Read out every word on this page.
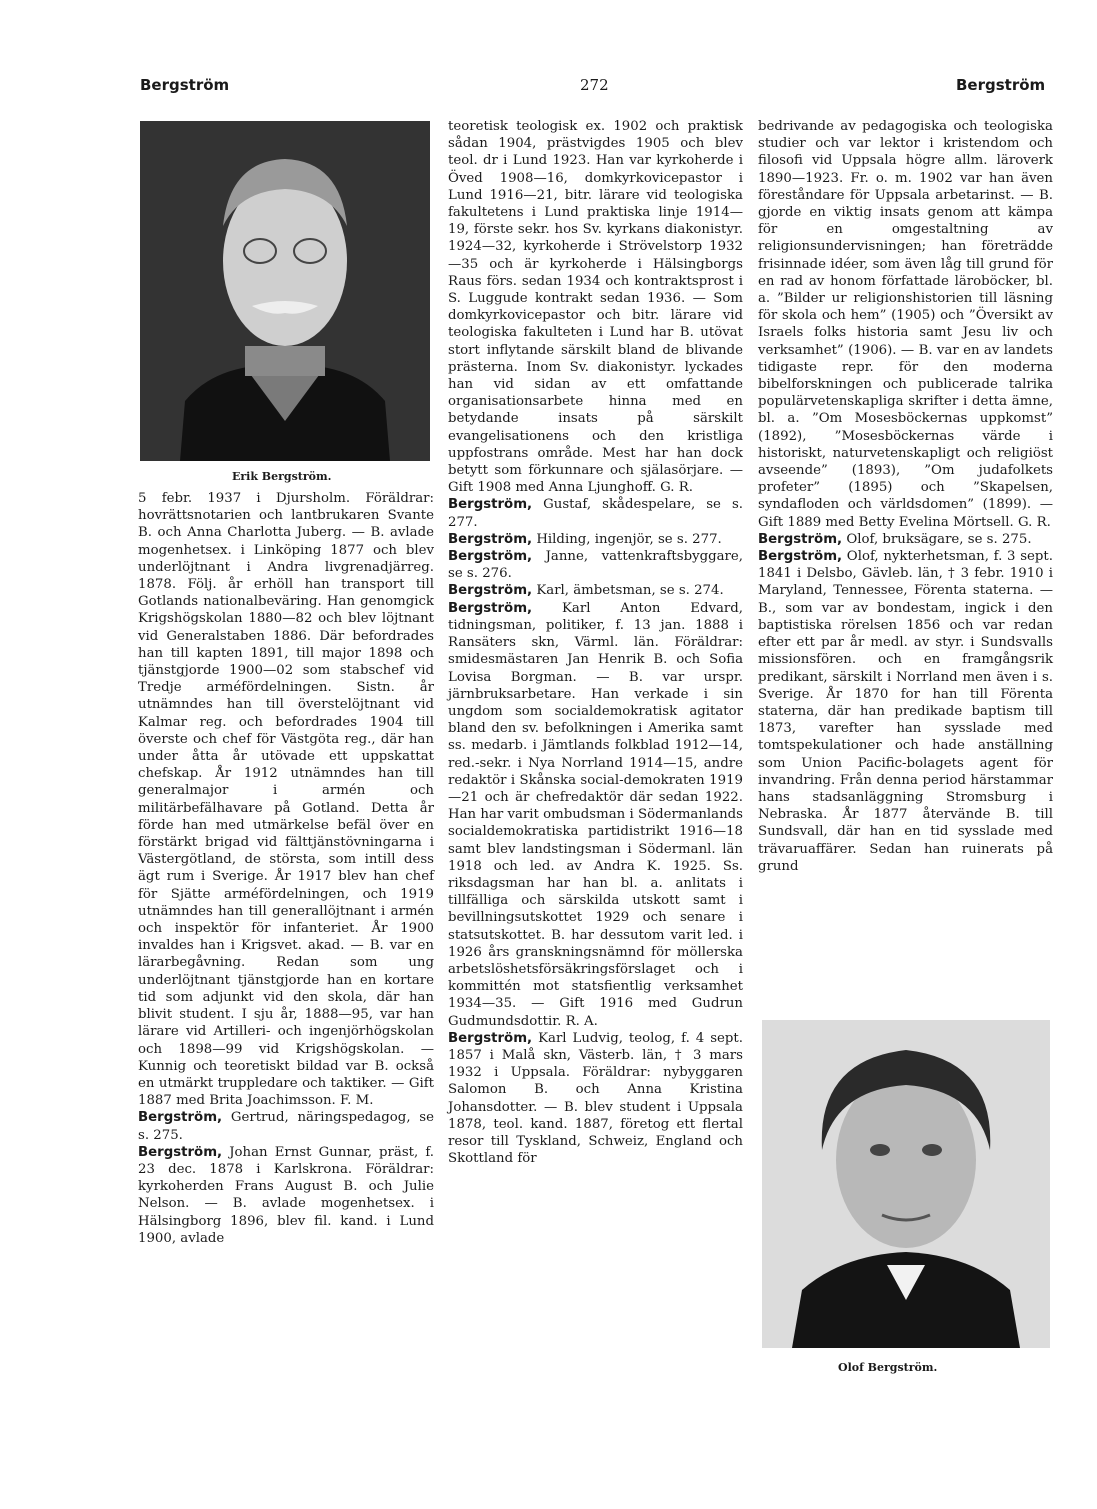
Bergström	272	Bergström
Erik Bergström.
Olof Bergström.

5 febr. 1937 i Djursholm. Föräldrar: hovrättsnotarien och lantbrukaren Svante B. och Anna Charlotta Juberg. — B. avlade mogenhetsex. i Linköping 1877 och blev underlöjtnant i Andra livgrenadjärreg. 1878. Följ. år erhöll han transport till Gotlands nationalbeväring. Han genomgick Krigshögskolan 1880—82 och blev löjtnant vid Generalstaben 1886. Där befordrades han till kapten 1891, till major 1898 och tjänstgjorde 1900—02 som stabschef vid Tredje arméfördelningen. Sistn. år utnämndes han till överstelöjtnant vid Kalmar reg. och befordrades 1904 till överste och chef för Västgöta reg., där han under åtta år utövade ett uppskattat chefskap. År 1912 utnämndes han till generalmajor i armén och militärbefälhavare på Gotland. Detta år förde han med utmärkelse befäl över en förstärkt brigad vid fälttjänstövningarna i Västergötland, de största, som intill dess ägt rum i Sverige. År 1917 blev han chef för Sjätte arméfördelningen, och 1919 utnämndes han till generallöjtnant i armén och inspektör för infanteriet. År 1900 invaldes han i Krigsvet. akad. — B. var en lärarbegåvning. Redan som ung underlöjtnant tjänstgjorde han en kortare tid som adjunkt vid den skola, där han blivit student. I sju år, 1888—95, var han lärare vid Artilleri- och ingenjörhögskolan och 1898—99 vid Krigshögskolan. — Kunnig och teoretiskt bildad var B. också en utmärkt truppledare och taktiker. — Gift 1887 med Brita Joachimsson. F. M.

Bergström, Gertrud, näringspedagog, se s. 275.

Bergström, Johan Ernst Gunnar, präst, f. 23 dec. 1878 i Karlskrona. Föräldrar: kyrkoherden Frans August B. och Julie Nelson. — B. avlade mogenhetsex. i Hälsingborg 1896, blev fil. kand. i Lund 1900, avlade

teoretisk teologisk ex. 1902 och praktisk sådan 1904, prästvigdes 1905 och blev teol. dr i Lund 1923. Han var kyrkoherde i Öved 1908—16, domkyrkovicepastor i Lund 1916—21, bitr. lärare vid teologiska fakultetens i Lund praktiska linje 1914—19, förste sekr. hos Sv. kyrkans diakonistyr. 1924—32, kyrkoherde i Strövelstorp 1932—35 och är kyrkoherde i Hälsingborgs Raus förs. sedan 1934 och kontraktsprost i S. Luggude kontrakt sedan 1936. — Som domkyrkovicepastor och bitr. lärare vid teologiska fakulteten i Lund har B. utövat stort inflytande särskilt bland de blivande prästerna. Inom Sv. diakonistyr. lyckades han vid sidan av ett omfattande organisationsarbete hinna med en betydande insats på särskilt evangelisationens och den kristliga uppfostrans område. Mest har han dock betytt som förkunnare och själasörjare. — Gift 1908 med Anna Ljunghoff. G. R.

Bergström, Gustaf, skådespelare, se s. 277.

Bergström, Hilding, ingenjör, se s. 277.

Bergström, Janne, vattenkraftsbyggare, se s. 276.

Bergström, Karl, ämbetsman, se s. 274.

Bergström, Karl Anton Edvard, tidningsman, politiker, f. 13 jan. 1888 i Ransäters skn, Värml. län. Föräldrar: smidesmästaren Jan Henrik B. och Sofia Lovisa Borgman. — B. var urspr. järnbruksarbetare. Han verkade i sin ungdom som socialdemokratisk agitator bland den sv. befolkningen i Amerika samt ss. medarb. i Jämtlands folkblad 1912—14, red.-sekr. i Nya Norrland 1914—15, andre redaktör i Skånska social-demokraten 1919—21 och är chefredaktör där sedan 1922. Han har varit ombudsman i Södermanlands socialdemokratiska partidistrikt 1916—18 samt blev landstingsman i Södermanl. län 1918 och led. av Andra K. 1925. Ss. riksdagsman har han bl. a. anlitats i tillfälliga och särskilda utskott samt i bevillningsutskottet 1929 och senare i statsutskottet. B. har dessutom varit led. i 1926 års granskningsnämnd för möllerska arbetslöshetsförsäkringsförslaget och i kommittén mot statsfientlig verksamhet 1934—35. — Gift 1916 med Gudrun Gudmundsdottir. R. A.

Bergström, Karl Ludvig, teolog, f. 4 sept. 1857 i Malå skn, Västerb. län, † 3 mars 1932 i Uppsala. Föräldrar: nybyggaren Salomon B. och Anna Kristina Johansdotter. — B. blev student i Uppsala 1878, teol. kand. 1887, företog ett flertal resor till Tyskland, Schweiz, England och Skottland för

bedrivande av pedagogiska och teologiska studier och var lektor i kristendom och filosofi vid Uppsala högre allm. läroverk 1890—1923. Fr. o. m. 1902 var han även föreståndare för Uppsala arbetarinst. — B. gjorde en viktig insats genom att kämpa för en omgestaltning av religionsundervisningen; han företrädde frisinnade idéer, som även låg till grund för en rad av honom författade läroböcker, bl. a. ”Bilder ur religionshistorien till läsning för skola och hem” (1905) och ”Översikt av Israels folks historia samt Jesu liv och verksamhet” (1906). — B. var en av landets tidigaste repr. för den moderna bibelforskningen och publicerade talrika populärvetenskapliga skrifter i detta ämne, bl. a. ”Om Mosesböckernas uppkomst” (1892), ”Mosesböckernas värde i historiskt, naturvetenskapligt och religiöst avseende” (1893), ”Om judafolkets profeter” (1895) och ”Skapelsen, syndafloden och världsdomen” (1899). — Gift 1889 med Betty Evelina Mörtsell. G. R.

Bergström, Olof, bruksägare, se s. 275.

Bergström, Olof, nykterhetsman, f. 3 sept. 1841 i Delsbo, Gävleb. län, † 3 febr. 1910 i Maryland, Tennessee, Förenta staterna. — B., som var av bondestam, ingick i den baptistiska rörelsen 1856 och var redan efter ett par år medl. av styr. i Sundsvalls missionsfören. och en framgångsrik predikant, särskilt i Norrland men även i s. Sverige. År 1870 for han till Förenta staterna, där han predikade baptism till 1873, varefter han sysslade med tomtspekulationer och hade anställning som Union Pacific-bolagets agent för invandring. Från denna period härstammar hans stadsanläggning Stromsburg i Nebraska. År 1877 återvände B. till Sundsvall, där han en tid sysslade med trävaruaffärer. Sedan han ruinerats på grund
